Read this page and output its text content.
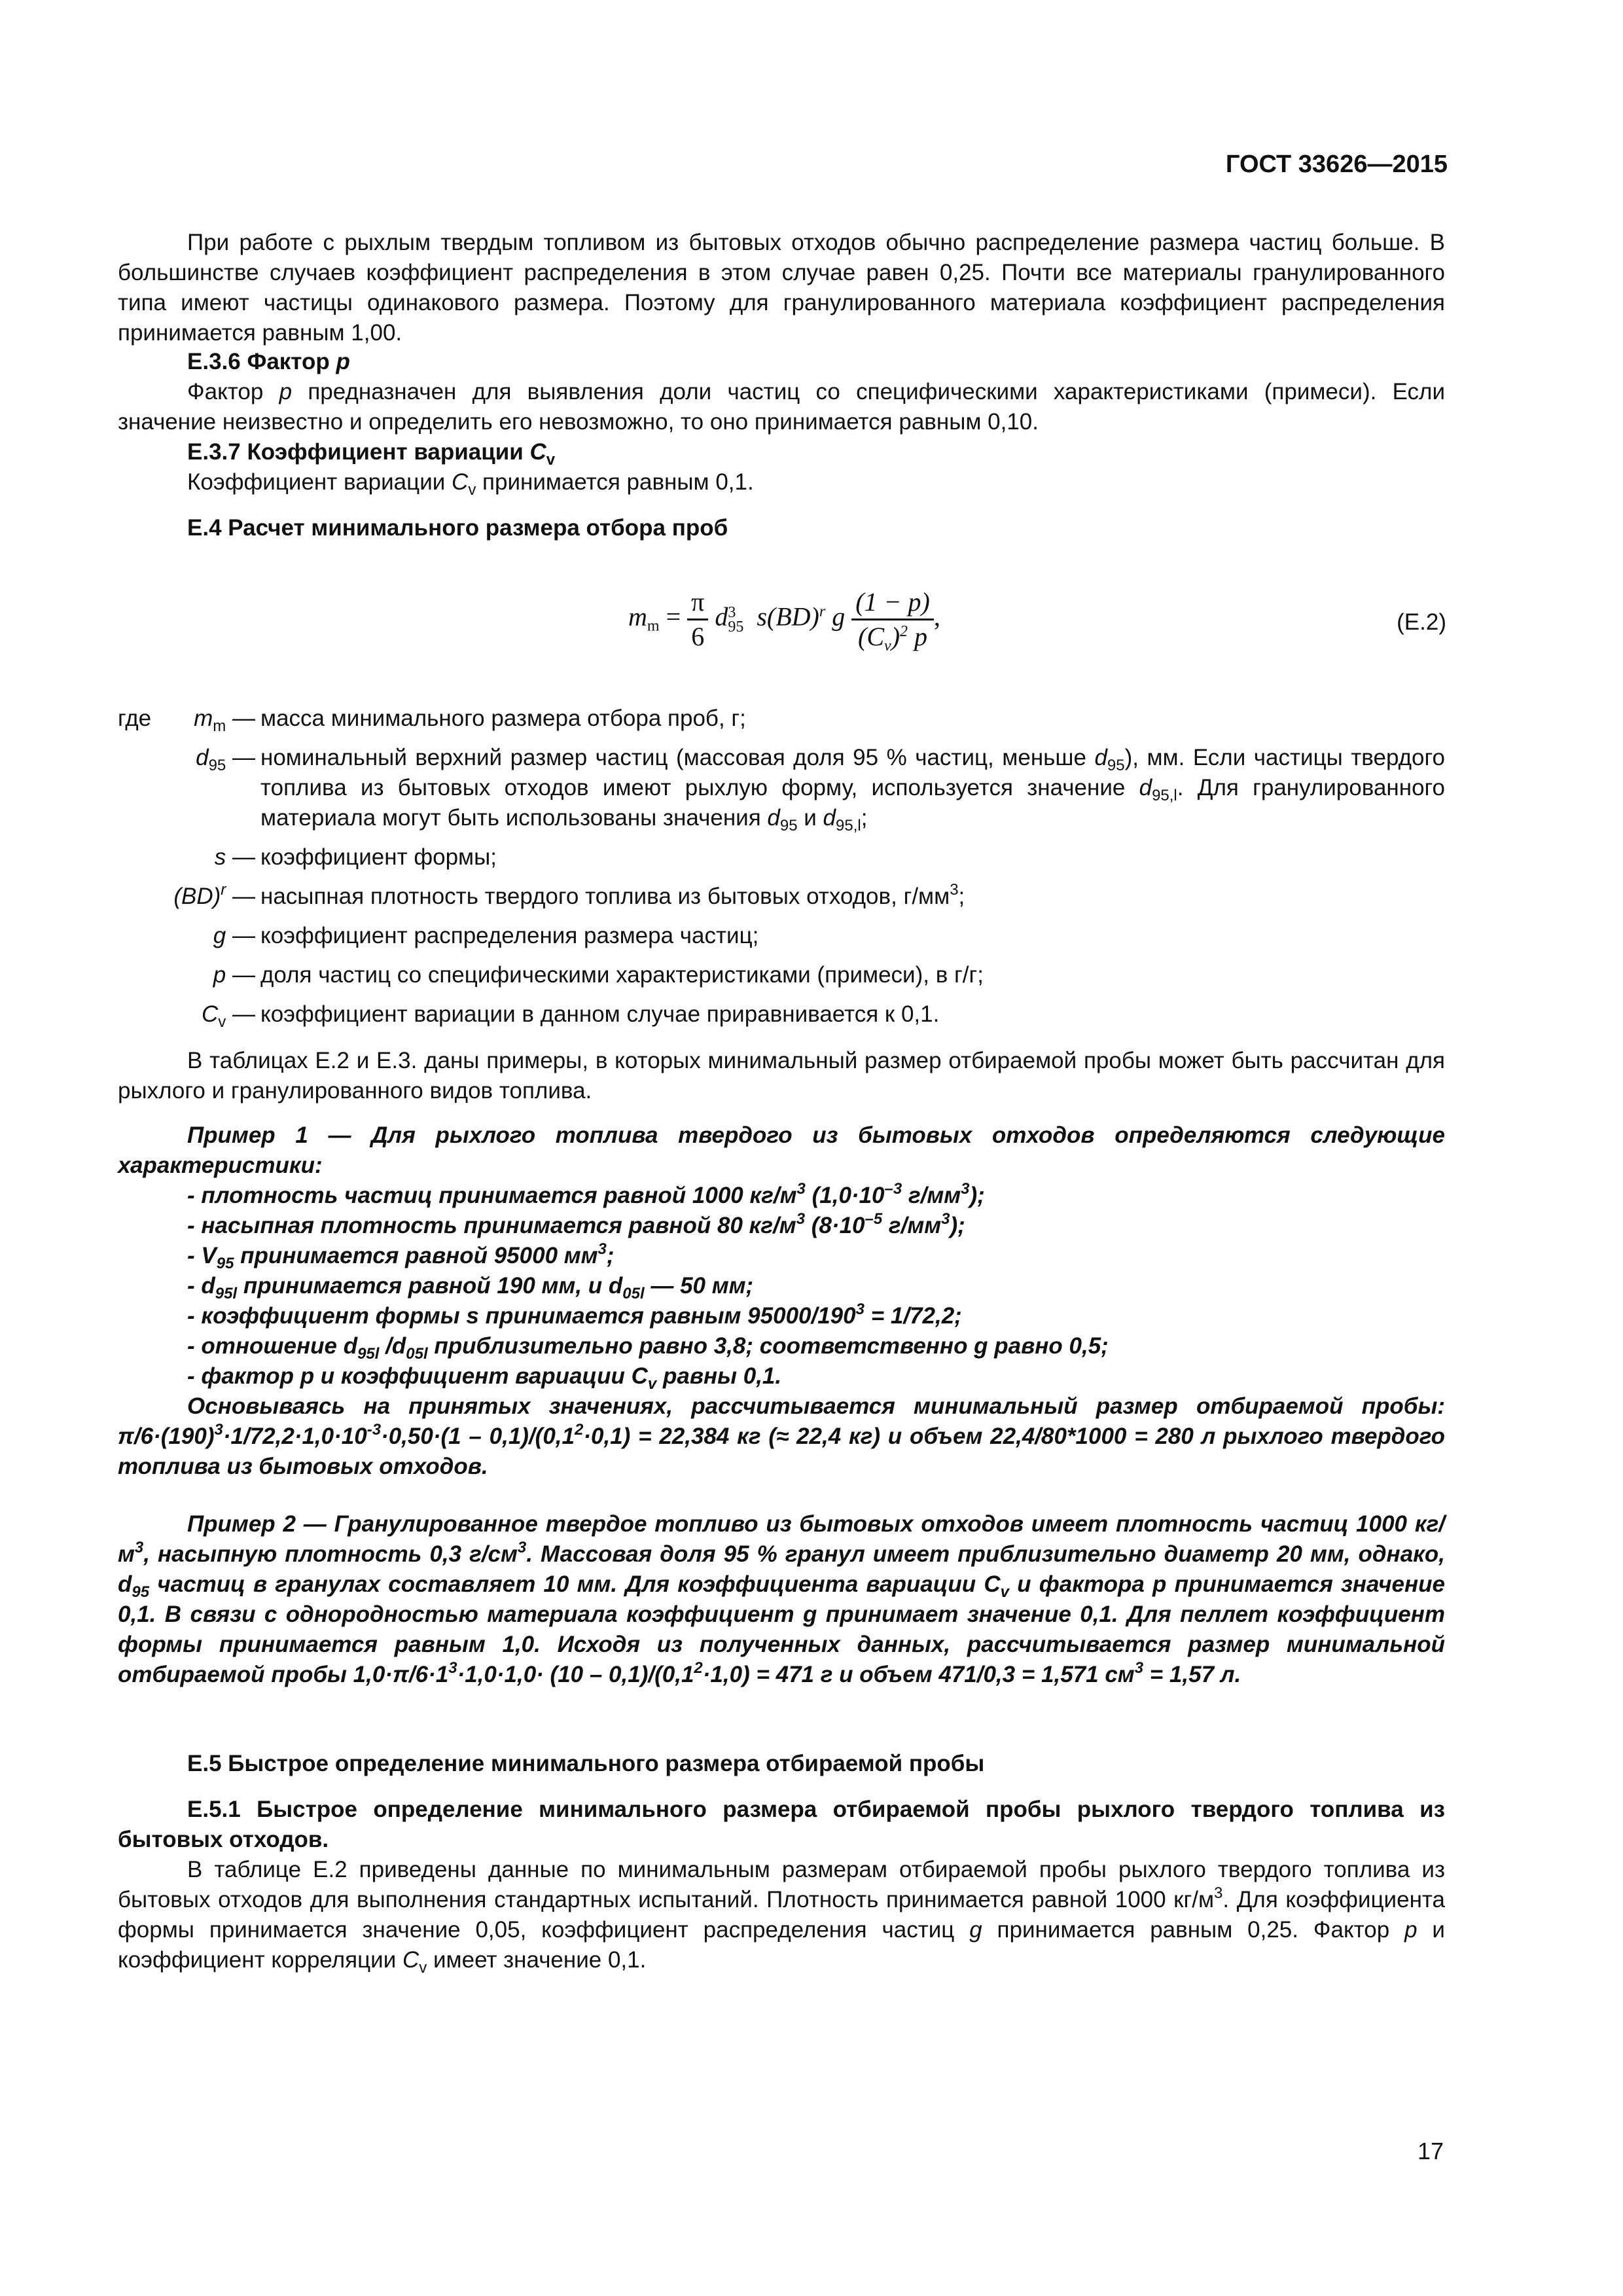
ГОСТ 33626—2015
При работе с рыхлым твердым топливом из бытовых отходов обычно распределение размера частиц больше. В большинстве случаев коэффициент распределения в этом случае равен 0,25. Почти все материалы гранулированного типа имеют частицы одинакового размера. Поэтому для гранулированного материала коэффициент распределения принимается равным 1,00.
Е.3.6 Фактор p
Фактор p предназначен для выявления доли частиц со специфическими характеристиками (примеси). Если значение неизвестно и определить его невозможно, то оно принимается равным 0,10.
Е.3.7 Коэффициент вариации $C_v$
Коэффициент вариации $C_v$ принимается равным 0,1.
Е.4 Расчет минимального размера отбора проб
$m_m = \frac{\pi}{6}$ d 3
95 s(BD)$^r$ g $\frac{(1 - p)}{(C_v)^2 p}$ ,	(Е.2)
где	$m_m$ — масса минимального размера отбора проб, г;
$d_{95}$ — номинальный верхний размер частиц (массовая доля 95 % частиц, меньше $d_{95}$), мм. Если частицы твердого топлива из бытовых отходов имеют рыхлую форму, используется значение $d_{95,l}$. Для гранулированного материала могут быть использованы значения $d_{95}$ и $d_{95,l}$;
s — коэффициент формы;
(BD)$^r$ — насыпная плотность твердого топлива из бытовых отходов, $г/мм^3$;
g — коэффициент распределения размера частиц;
p — доля частиц со специфическими характеристиками (примеси), в г/г;
$C_v$ — коэффициент вариации в данном случае приравнивается к 0,1.
В таблицах Е.2 и Е.3. даны примеры, в которых минимальный размер отбираемой пробы может быть рассчитан для рыхлого и гранулированного видов топлива.
Пример 1 — Для рыхлого топлива твердого из бытовых отходов определяются следующие характеристики:
- плотность частиц принимается равной 1000 $кг/м^3$ ($1,0\cdot 10^{-3}$ $г/мм^3$);
- насыпная плотность принимается равной 80 $кг/м^3$ ($8\cdot 10^{-5}$ $г/мм^3$);
- $V_{95}$ принимается равной 95000 $мм^3$;
- $d_{95l}$ принимается равной 190 мм, и $d_{05l}$ — 50 мм;
- коэффициент формы s принимается равным $95000/190^3 = 1/72,2$;
- отношение $d_{95l}$ $/d_{05l}$ приблизительно равно 3,8; соответственно g равно 0,5;
- фактор p и коэффициент вариации $C_v$ равны 0,1.
Основываясь на принятых значениях, рассчитывается минимальный размер отбираемой пробы: $\pi/6\cdot(190)^3\cdot 1/72,2\cdot 1,0\cdot 10^{-3}\cdot 0,50\cdot(1 - 0,1)/(0,1^2\cdot 0,1) = 22,384$ кг (≈ 22,4 кг) и объем 22,4/80*1000 = 280 л рыхлого твердого топлива из бытовых отходов.
Пример 2 — Гранулированное твердое топливо из бытовых отходов имеет плотность частиц 1000 $кг/м^3$, насыпную плотность 0,3 $г/см^3$. Массовая доля 95 % гранул имеет приблизительно диаметр 20 мм, однако, $d_{95}$ частиц в гранулах составляет 10 мм. Для коэффициента вариации $C_v$ и фактора p принимается значение 0,1. В связи с однородностью материала коэффициент g принимает значение 0,1. Для пеллет коэффициент формы принимается равным 1,0. Исходя из полученных данных, рассчитывается размер минимальной отбираемой пробы $1,0\cdot\pi/6\cdot 1^3\cdot 1,0\cdot 1,0\cdot (10 - 0,1)/(0,1^2\cdot 1,0) = 471$ г и объем 471/0,3 = 1,571 $см^3 = 1,57$ л.
Е.5 Быстрое определение минимального размера отбираемой пробы
Е.5.1 Быстрое определение минимального размера отбираемой пробы рыхлого твердого топлива из бытовых отходов.
В таблице Е.2 приведены данные по минимальным размерам отбираемой пробы рыхлого твердого топлива из бытовых отходов для выполнения стандартных испытаний. Плотность принимается равной 1000 $кг/м^3$. Для коэффициента формы принимается значение 0,05, коэффициент распределения частиц g принимается равным 0,25. Фактор p и коэффициент корреляции $C_v$ имеет значение 0,1.
17
